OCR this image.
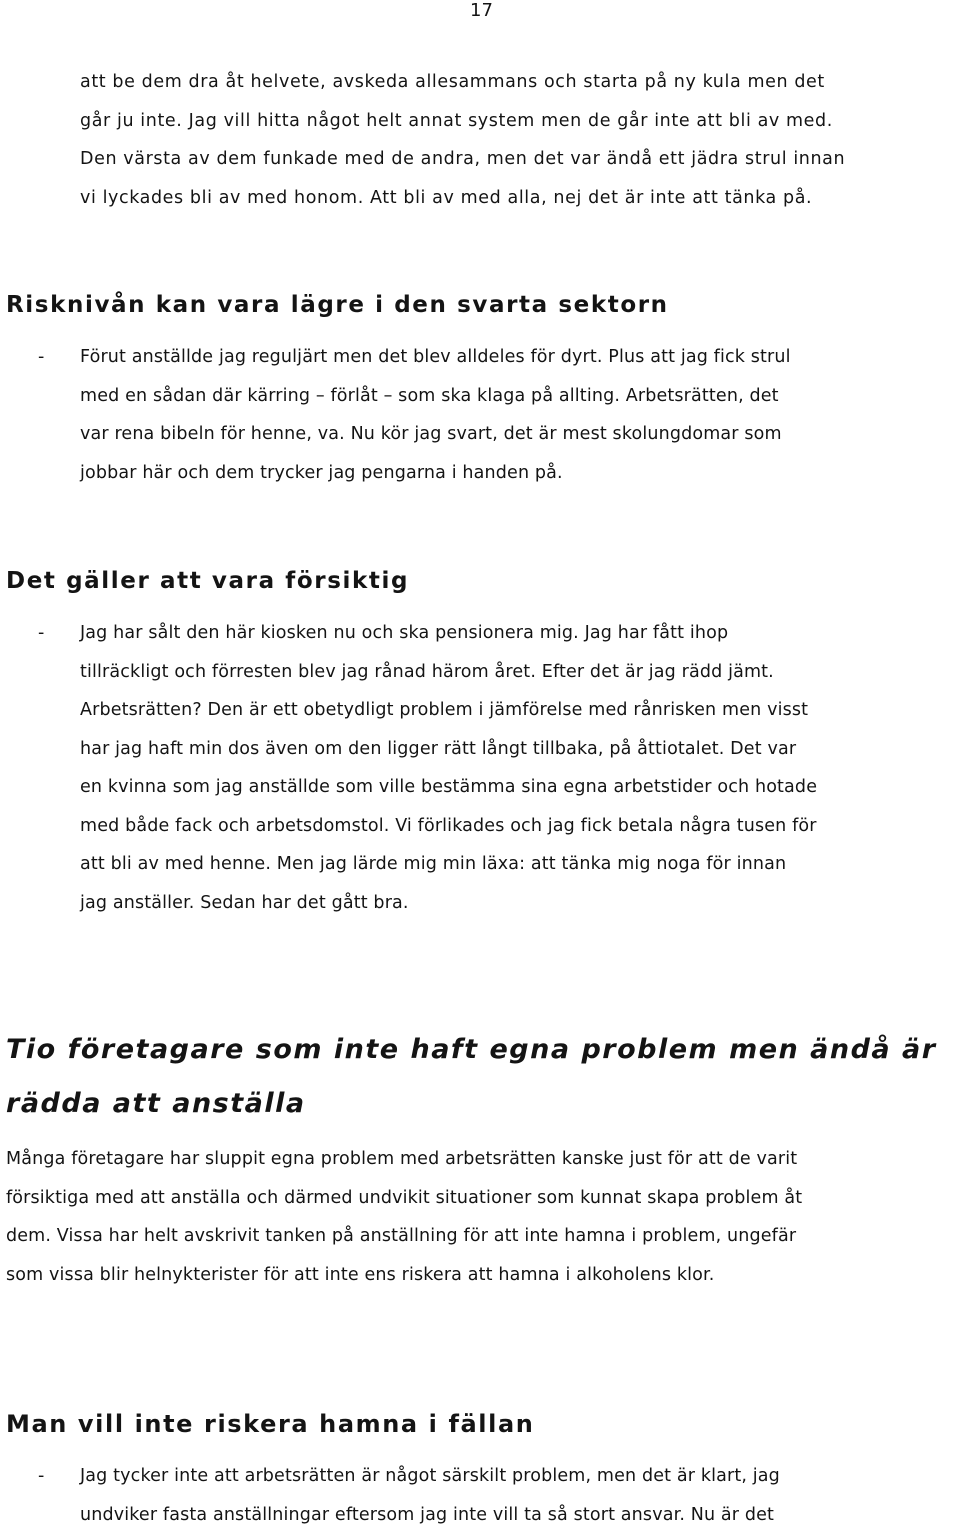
17
att be dem dra åt helvete, avskeda allesammans och starta på ny kula men det
går ju inte. Jag vill hitta något helt annat system men de går inte att bli av med.
Den värsta av dem funkade med de andra, men det var ändå ett jädra strul innan
vi lyckades bli av med honom. Att bli av med alla, nej det är inte att tänka på.
Risknivån kan vara lägre i den svarta sektorn
- Förut anställde jag reguljärt men det blev alldeles för dyrt. Plus att jag fick strul
med en sådan där kärring – förlåt – som ska klaga på allting. Arbetsrätten, det
var rena bibeln för henne, va. Nu kör jag svart, det är mest skolungdomar som
jobbar här och dem trycker jag pengarna i handen på.
Det gäller att vara försiktig
- Jag har sålt den här kiosken nu och ska pensionera mig. Jag har fått ihop
tillräckligt och förresten blev jag rånad härom året. Efter det är jag rädd jämt.
Arbetsrätten? Den är ett obetydligt problem i jämförelse med rånrisken men visst
har jag haft min dos även om den ligger rätt långt tillbaka, på åttiotalet. Det var
en kvinna som jag anställde som ville bestämma sina egna arbetstider och hotade
med både fack och arbetsdomstol. Vi förlikades och jag fick betala några tusen för
att bli av med henne. Men jag lärde mig min läxa: att tänka mig noga för innan
jag anställer. Sedan har det gått bra.
Tio företagare som inte haft egna problem men ändå är
rädda att anställa
Många företagare har sluppit egna problem med arbetsrätten kanske just för att de varit
försiktiga med att anställa och därmed undvikit situationer som kunnat skapa problem åt
dem. Vissa har helt avskrivit tanken på anställning för att inte hamna i problem, ungefär
som vissa blir helnykterister för att inte ens riskera att hamna i alkoholens klor.
Man vill inte riskera hamna i fällan
- Jag tycker inte att arbetsrätten är något särskilt problem, men det är klart, jag
undviker fasta anställningar eftersom jag inte vill ta så stort ansvar. Nu är det
